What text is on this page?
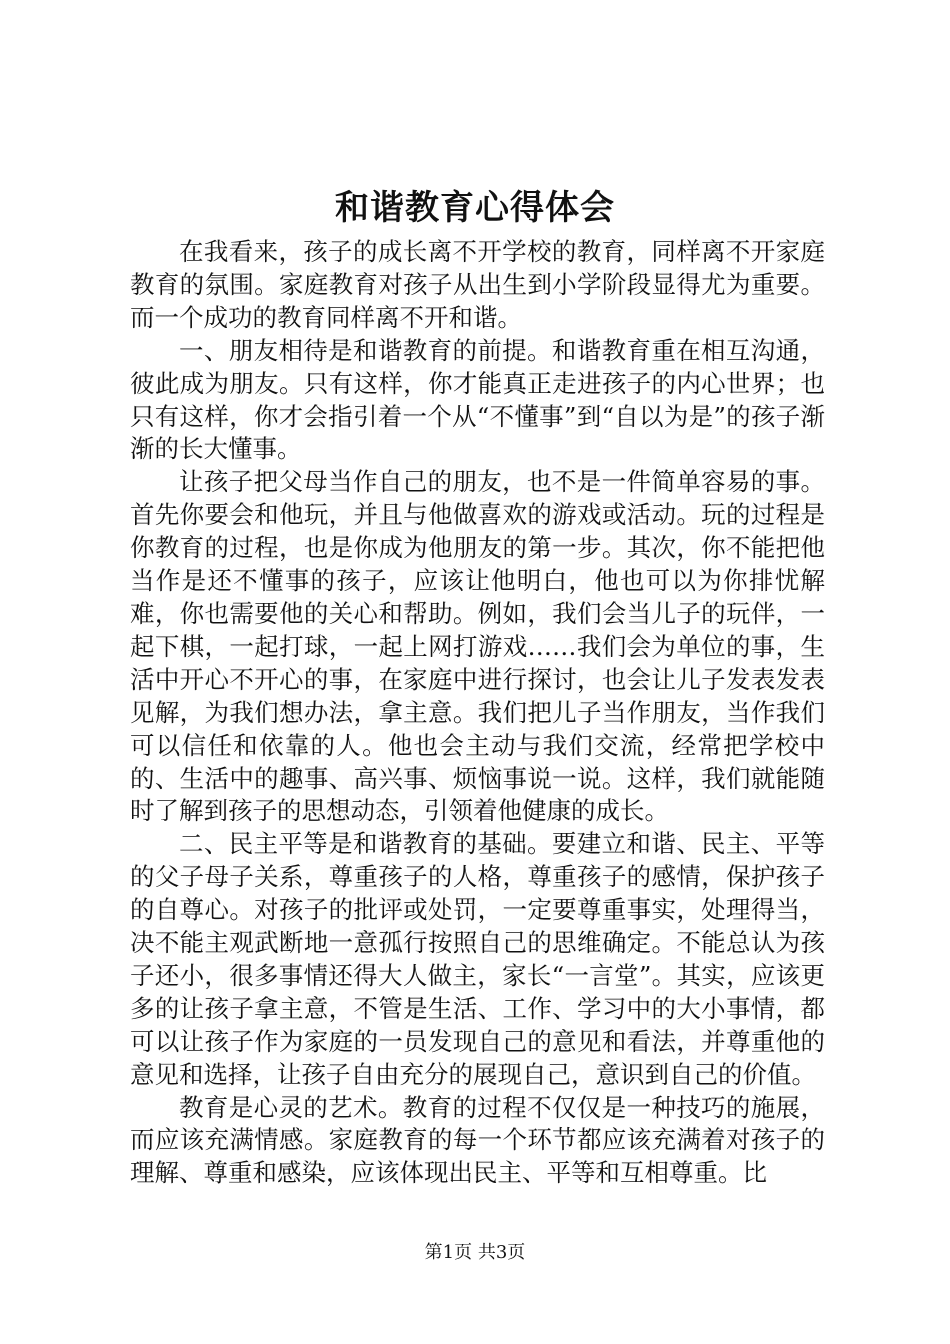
和谐教育心得体会

在我看来，孩子的成长离不开学校的教育，同样离不开家庭教育的氛围。家庭教育对孩子从出生到小学阶段显得尤为重要。而一个成功的教育同样离不开和谐。

一、朋友相待是和谐教育的前提。和谐教育重在相互沟通，彼此成为朋友。只有这样，你才能真正走进孩子的内心世界；也只有这样，你才会指引着一个从“不懂事”到“自以为是”的孩子渐渐的长大懂事。

让孩子把父母当作自己的朋友，也不是一件简单容易的事。首先你要会和他玩，并且与他做喜欢的游戏或活动。玩的过程是你教育的过程，也是你成为他朋友的第一步。其次，你不能把他当作是还不懂事的孩子，应该让他明白，他也可以为你排忧解难，你也需要他的关心和帮助。例如，我们会当儿子的玩伴，一起下棋，一起打球，一起上网打游戏……我们会为单位的事，生活中开心不开心的事，在家庭中进行探讨，也会让儿子发表发表见解，为我们想办法，拿主意。我们把儿子当作朋友，当作我们可以信任和依靠的人。他也会主动与我们交流，经常把学校中的、生活中的趣事、高兴事、烦恼事说一说。这样，我们就能随时了解到孩子的思想动态，引领着他健康的成长。

二、民主平等是和谐教育的基础。要建立和谐、民主、平等的父子母子关系，尊重孩子的人格，尊重孩子的感情，保护孩子的自尊心。对孩子的批评或处罚，一定要尊重事实，处理得当，决不能主观武断地一意孤行按照自己的思维确定。不能总认为孩子还小，很多事情还得大人做主，家长“一言堂”。其实，应该更多的让孩子拿主意，不管是生活、工作、学习中的大小事情，都可以让孩子作为家庭的一员发现自己的意见和看法，并尊重他的意见和选择，让孩子自由充分的展现自己，意识到自己的价值。

教育是心灵的艺术。教育的过程不仅仅是一种技巧的施展，而应该充满情感。家庭教育的每一个环节都应该充满着对孩子的理解、尊重和感染，应该体现出民主、平等和互相尊重。比

第1页 共3页
